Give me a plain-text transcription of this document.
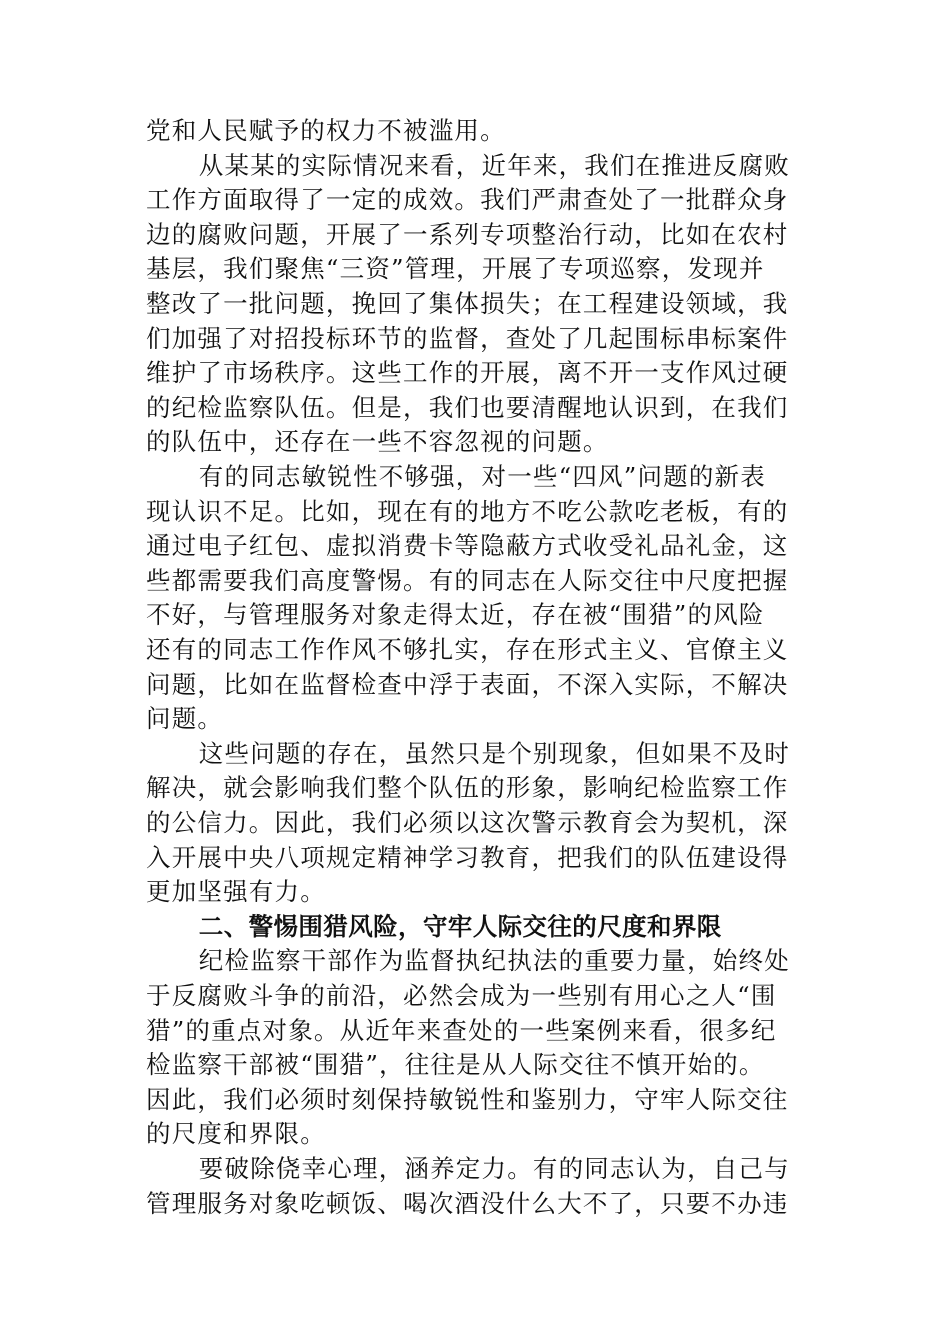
党和人民赋予的权力不被滥用。
从某某的实际情况来看，近年来，我们在推进反腐败
工作方面取得了一定的成效。我们严肃查处了一批群众身
边的腐败问题，开展了一系列专项整治行动，比如在农村
基层，我们聚焦“三资”管理，开展了专项巡察，发现并
整改了一批问题，挽回了集体损失；在工程建设领域，我
们加强了对招投标环节的监督，查处了几起围标串标案件
维护了市场秩序。这些工作的开展，离不开一支作风过硬
的纪检监察队伍。但是，我们也要清醒地认识到，在我们
的队伍中，还存在一些不容忽视的问题。
有的同志敏锐性不够强，对一些“四风”问题的新表
现认识不足。比如，现在有的地方不吃公款吃老板，有的
通过电子红包、虚拟消费卡等隐蔽方式收受礼品礼金，这
些都需要我们高度警惕。有的同志在人际交往中尺度把握
不好，与管理服务对象走得太近，存在被“围猎”的风险
还有的同志工作作风不够扎实，存在形式主义、官僚主义
问题，比如在监督检查中浮于表面，不深入实际，不解决
问题。
这些问题的存在，虽然只是个别现象，但如果不及时
解决，就会影响我们整个队伍的形象，影响纪检监察工作
的公信力。因此，我们必须以这次警示教育会为契机，深
入开展中央八项规定精神学习教育，把我们的队伍建设得
更加坚强有力。
二、警惕围猎风险，守牢人际交往的尺度和界限
纪检监察干部作为监督执纪执法的重要力量，始终处
于反腐败斗争的前沿，必然会成为一些别有用心之人“围
猎”的重点对象。从近年来查处的一些案例来看，很多纪
检监察干部被“围猎”，往往是从人际交往不慎开始的。
因此，我们必须时刻保持敏锐性和鉴别力，守牢人际交往
的尺度和界限。
要破除侥幸心理，涵养定力。有的同志认为，自己与
管理服务对象吃顿饭、喝次酒没什么大不了，只要不办违
